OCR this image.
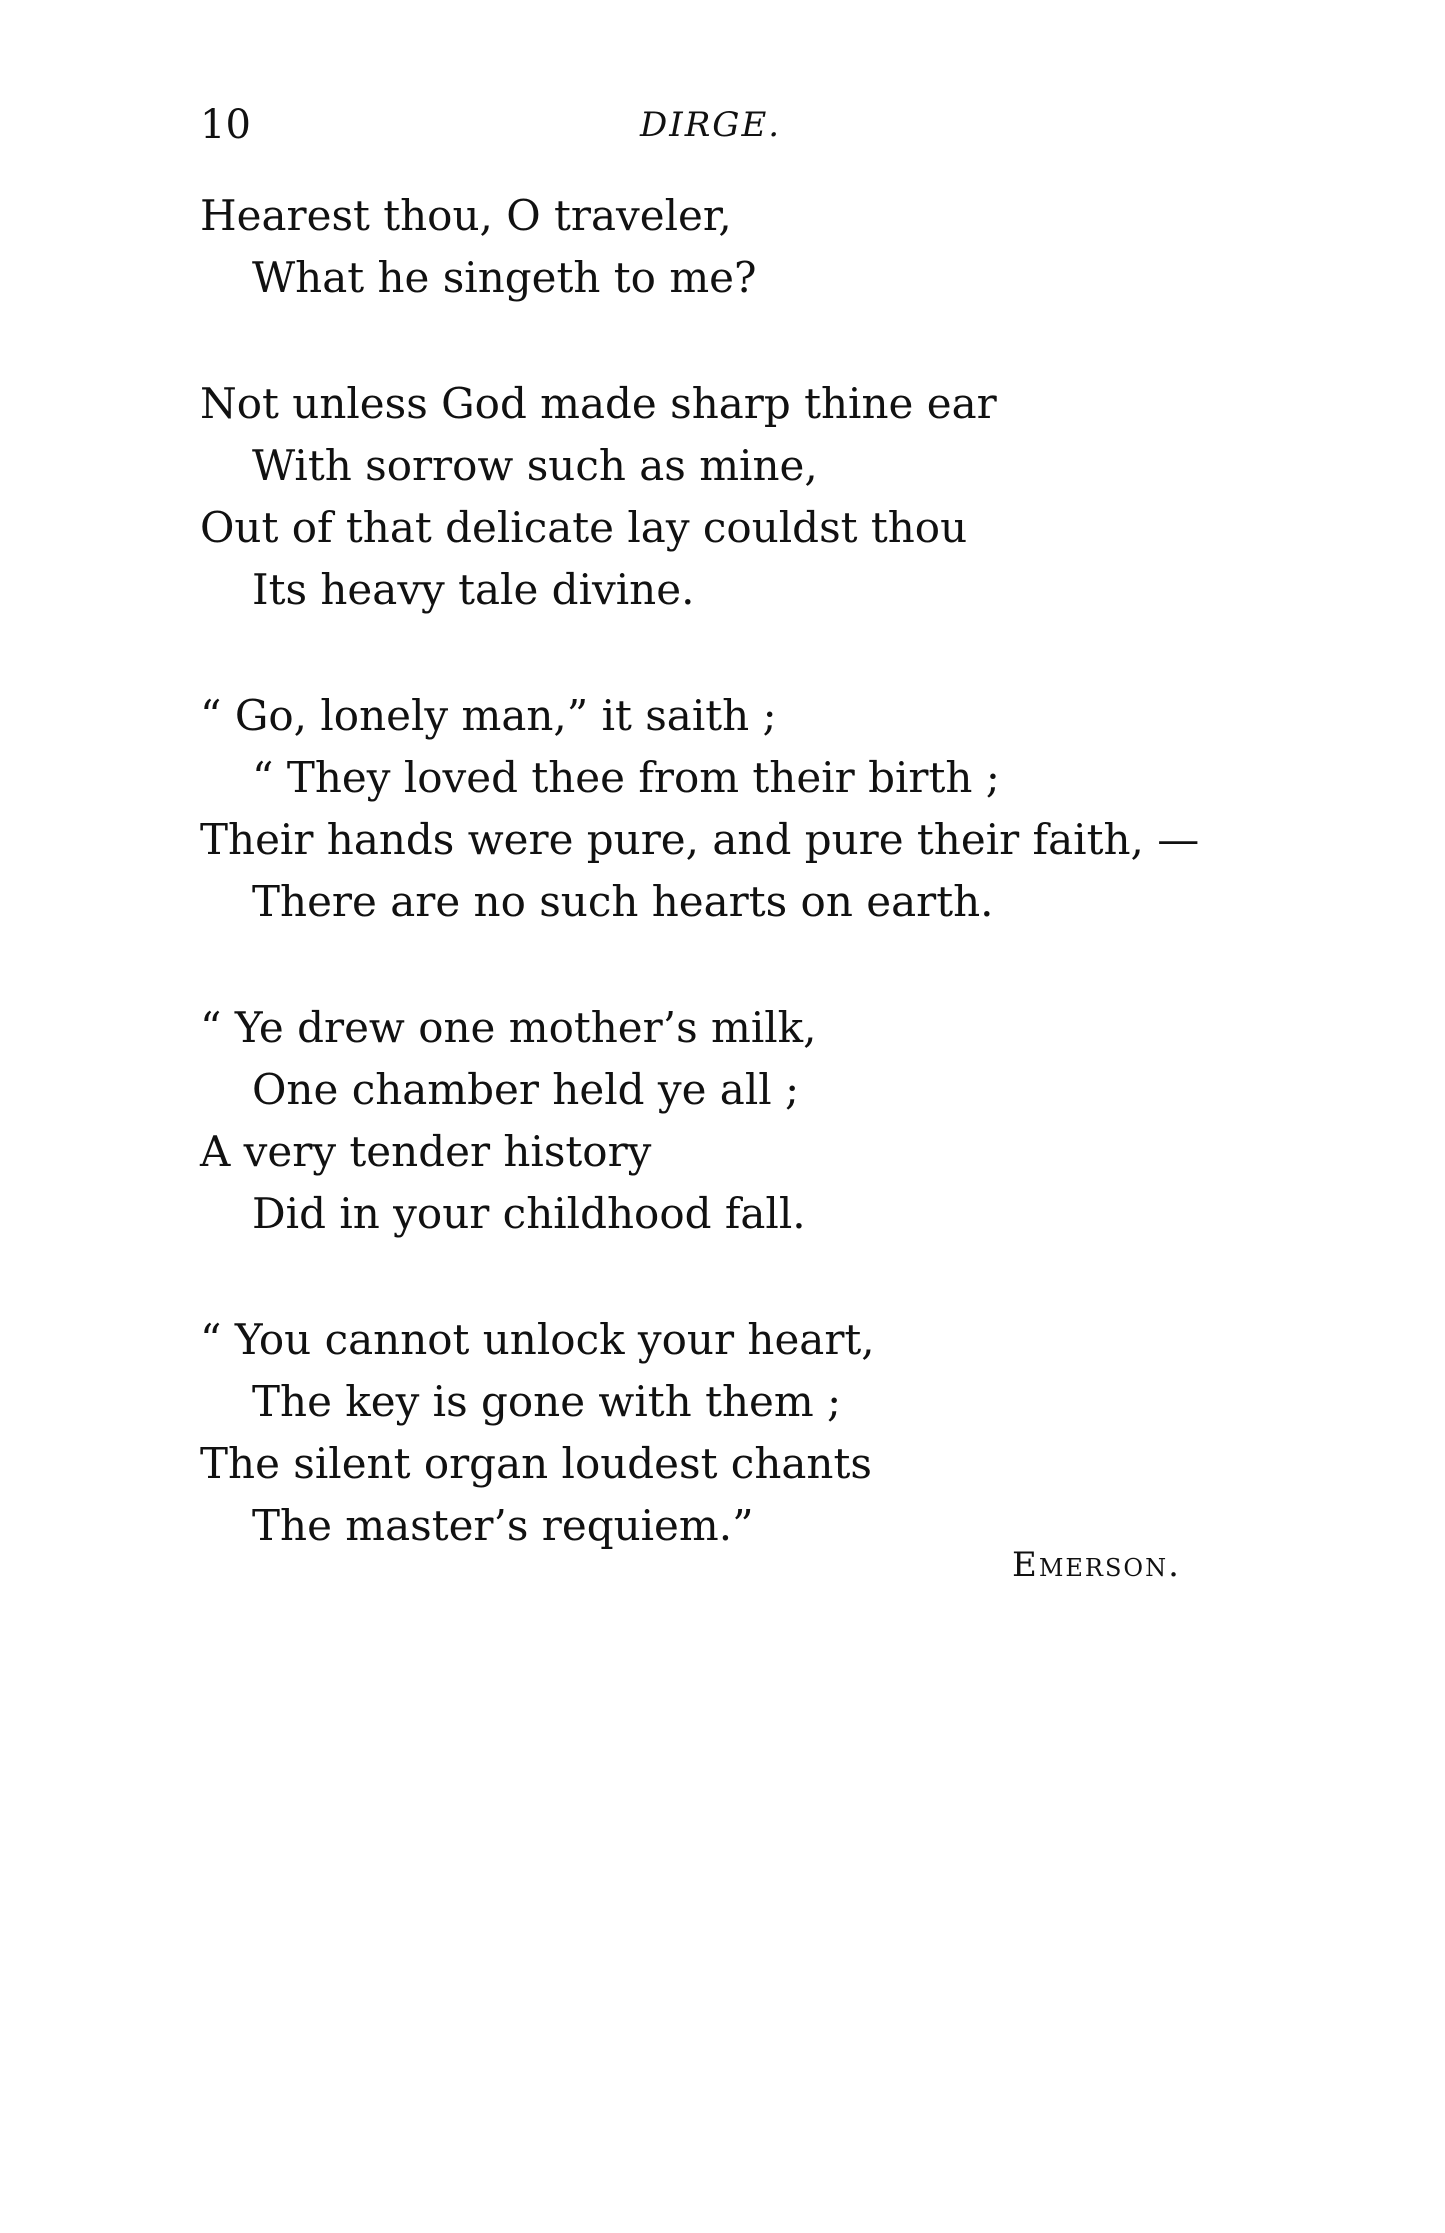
10	DIRGE.
Hearest thou, O traveler,
What he singeth to me?
Not unless God made sharp thine ear
With sorrow such as mine,
Out of that delicate lay couldst thou
Its heavy tale divine.
“ Go, lonely man,” it saith ;
“ They loved thee from their birth ;
Their hands were pure, and pure their faith, —
There are no such hearts on earth.
“ Ye drew one mother’s milk,
One chamber held ye all ;
A very tender history
Did in your childhood fall.
“ You cannot unlock your heart,
The key is gone with them ;
The silent organ loudest chants
The master’s requiem.”
Emerson.
